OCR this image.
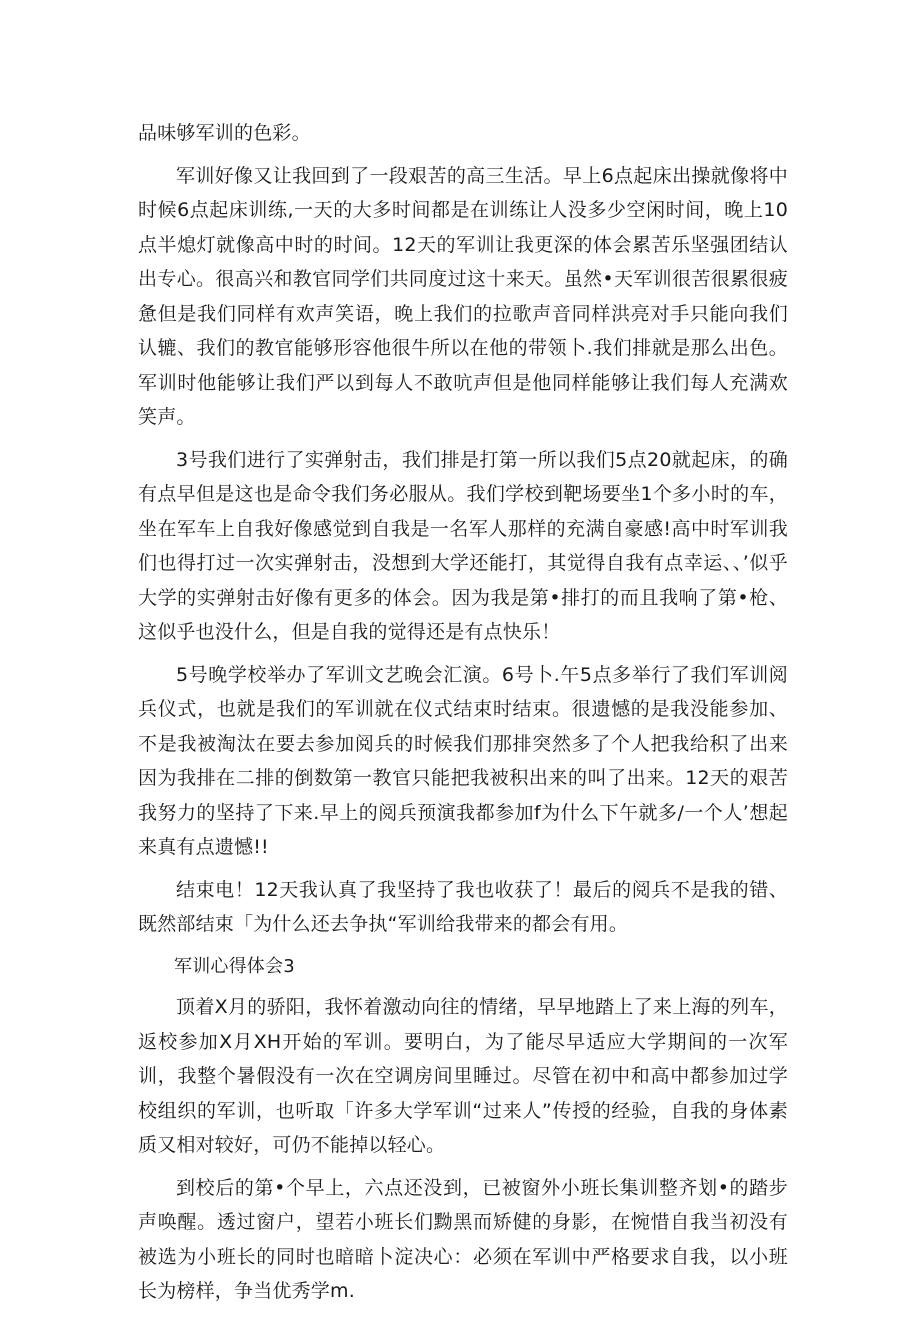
品味够军训的色彩。

军训好像又让我回到了一段艰苦的高三生活。早上6点起床出操就像将中时候6点起床训练,一天的大多时间都是在训练让人没多少空闲时间，晚上10点半熄灯就像高中时的时间。12天的军训让我更深的体会累苦乐坚强团结认出专心。很高兴和教官同学们共同度过这十来天。虽然•天军训很苦很累很疲惫但是我们同样有欢声笑语，晚上我们的拉歌声音同样洪亮对手只能向我们认辘、我们的教官能够形容他很牛所以在他的带领卜.我们排就是那么出色。军训时他能够让我们严以到每人不敢吭声但是他同样能够让我们每人充满欢笑声。

3号我们进行了实弹射击，我们排是打第一所以我们5点20就起床，的确有点早但是这也是命令我们务必服从。我们学校到靶场要坐1个多小时的车，坐在军车上自我好像感觉到自我是一名军人那样的充满自豪感!高中时军训我们也得打过一次实弹射击，没想到大学还能打，其觉得自我有点幸运、、’似乎大学的实弹射击好像有更多的体会。因为我是第•排打的而且我响了第•枪、这似乎也没什么，但是自我的觉得还是有点快乐！

5号晚学校举办了军训文艺晚会汇演。6号卜.午5点多举行了我们军训阅兵仪式，也就是我们的军训就在仪式结束时结束。很遗憾的是我没能参加、不是我被淘汰在要去参加阅兵的时候我们那排突然多了个人把我给积了出来因为我排在二排的倒数第一教官只能把我被积出来的叫了出来。12天的艰苦我努力的坚持了下来.早上的阅兵预演我都参加f为什么下午就多/一个人’想起来真有点遗憾!!

结束电！12天我认真了我坚持了我也收获了！最后的阅兵不是我的错、既然部结束「为什么还去争执“军训给我带来的都会有用。

军训心得体会3

顶着X月的骄阳，我怀着激动向往的情绪，早早地踏上了来上海的列车，返校参加X月XH开始的军训。要明白，为了能尽早适应大学期间的一次军训，我整个暑假没有一次在空调房间里睡过。尽管在初中和高中都参加过学校组织的军训，也听取「许多大学军训“过来人”传授的经验，自我的身体素质又相对较好，可仍不能掉以轻心。

到校后的第•个早上，六点还没到，已被窗外小班长集训整齐划•的踏步声唤醒。透过窗户，望若小班长们黝黑而矫健的身影，在惋惜自我当初没有被选为小班长的同时也暗暗卜淀决心：必须在军训中严格要求自我，以小班长为榜样，争当优秀学m.
